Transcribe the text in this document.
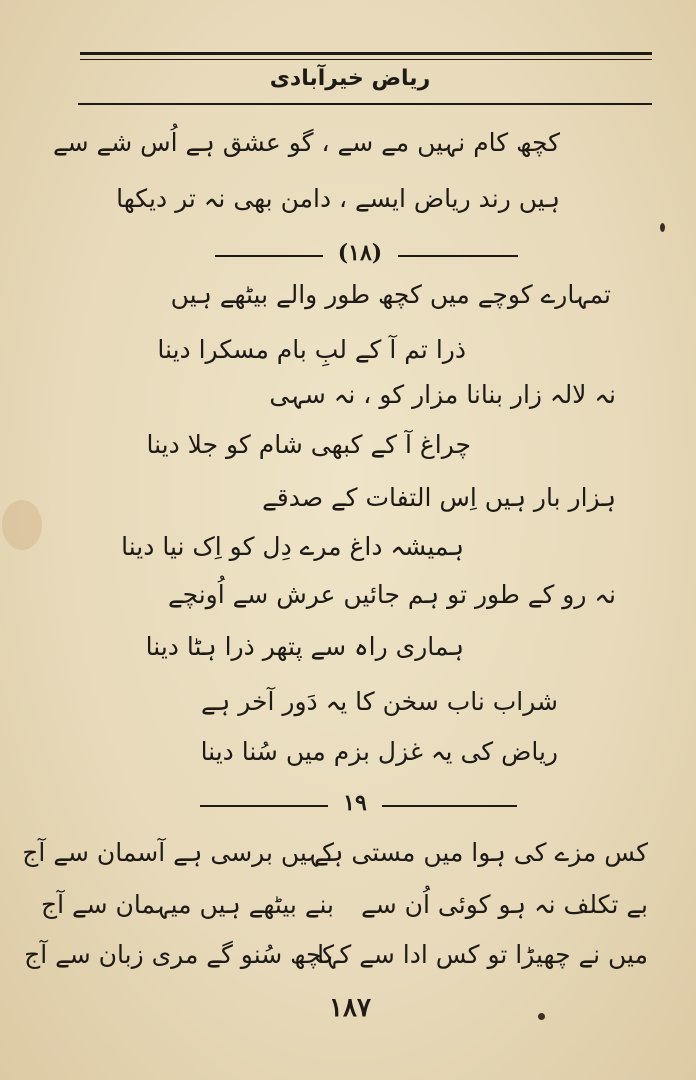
ریاض خیرآبادی
کچھ کام نہیں مے سے ، گو عشق ہے اُس شے سے
ہیں رند ریاض ایسے ، دامن بھی نہ تر دیکھا
(۱۸)
تمہارے کوچے میں کچھ طور والے بیٹھے ہیں
ذرا تم آ کے لبِ بام مسکرا دینا
نہ لالہ زار بنانا مزار کو ، نہ سہی
چراغ آ کے کبھی شام کو جلا دینا
ہزار بار ہیں اِس التفات کے صدقے
ہمیشہ داغ مرے دِل کو اِک نیا دینا
نہ رو کے طور تو ہم جائیں عرش سے اُونچے
ہماری راہ سے پتھر ذرا ہٹا دینا
شراب ناب سخن کا یہ دَور آخر ہے
ریاض کی یہ غزل بزم میں سُنا دینا
۱۹
کس مزے کی ہوا میں مستی ہے
بے تکلف نہ ہو کوئی اُن سے
میں نے چھیڑا تو کس ادا سے کہا
کہیں برسی ہے آسمان سے آج
بنے بیٹھے ہیں میہمان سے آج
کچھ سُنو گے مری زبان سے آج
۱۸۷
